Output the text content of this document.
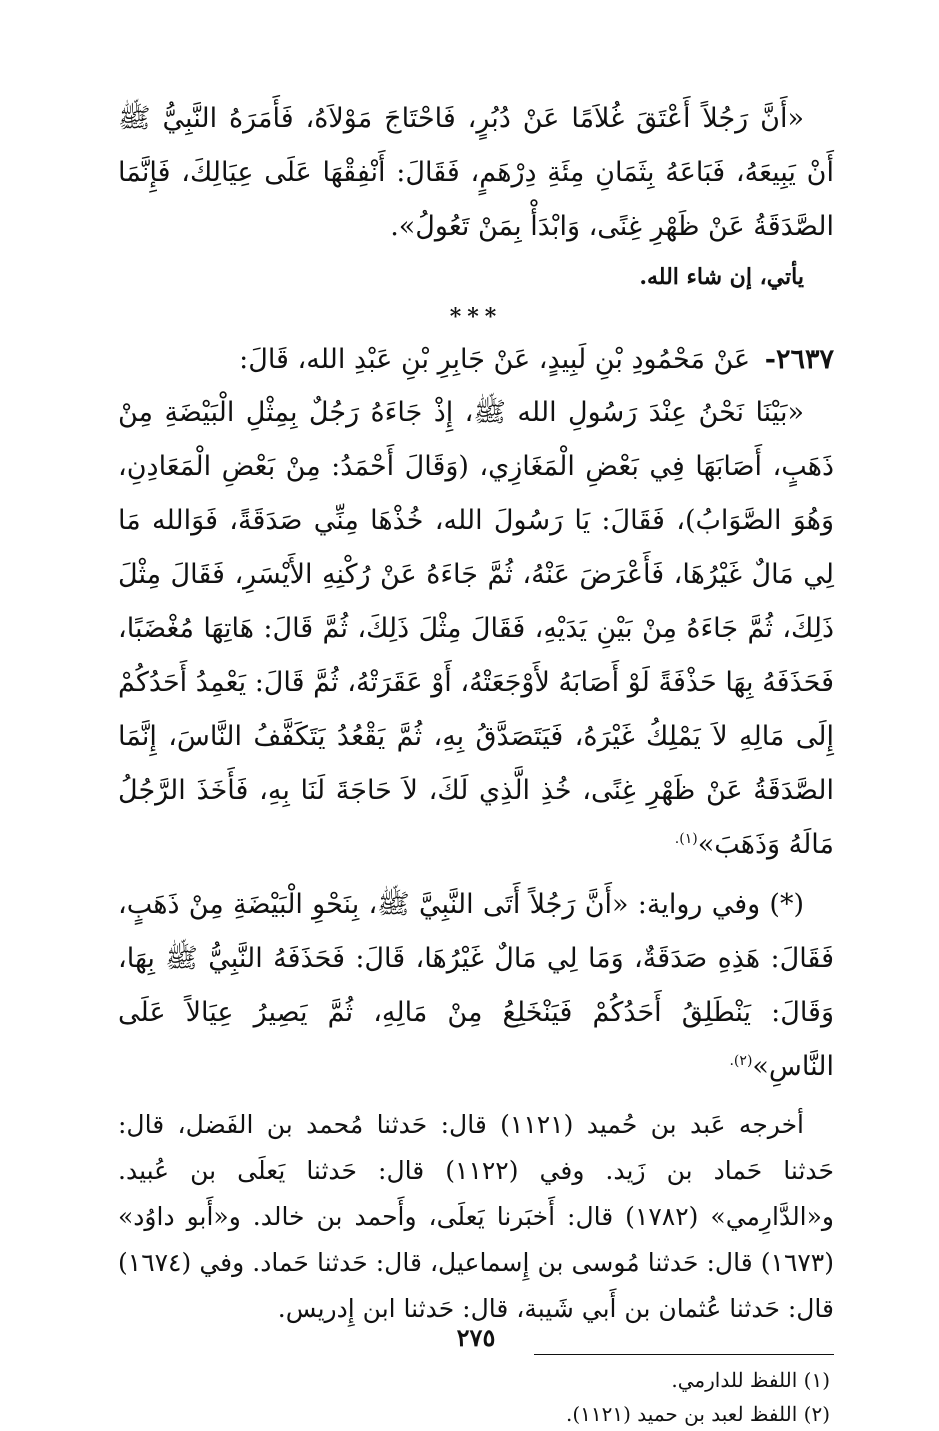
«أَنَّ رَجُلاً أَعْتَقَ غُلاَمًا عَنْ دُبُرٍ، فَاحْتَاجَ مَوْلاَهُ، فَأَمَرَهُ النَّبِيُّ ﷺ أَنْ يَبِيعَهُ، فَبَاعَهُ بِثَمَانِ مِئَةِ دِرْهَمٍ، فَقَالَ: أَنْفِقْهَا عَلَى عِيَالِكَ، فَإِنَّمَا الصَّدَقَةُ عَنْ ظَهْرِ غِنًى، وَابْدَأْ بِمَنْ تَعُولُ».

يأتي، إن شاء الله.

***

٢٦٣٧- عَنْ مَحْمُودِ بْنِ لَبِيدٍ، عَنْ جَابِرِ بْنِ عَبْدِ الله، قَالَ:

«بَيْنَا نَحْنُ عِنْدَ رَسُولِ الله ﷺ، إِذْ جَاءَهُ رَجُلٌ بِمِثْلِ الْبَيْضَةِ مِنْ ذَهَبٍ، أَصَابَهَا فِي بَعْضِ الْمَغَازِي، (وَقَالَ أَحْمَدُ: مِنْ بَعْضِ الْمَعَادِنِ، وَهُوَ الصَّوَابُ)، فَقَالَ: يَا رَسُولَ الله، خُذْهَا مِنِّي صَدَقَةً، فَوَالله مَا لِي مَالٌ غَيْرُهَا، فَأَعْرَضَ عَنْهُ، ثُمَّ جَاءَهُ عَنْ رُكْنِهِ الأَيْسَرِ، فَقَالَ مِثْلَ ذَلِكَ، ثُمَّ جَاءَهُ مِنْ بَيْنِ يَدَيْهِ، فَقَالَ مِثْلَ ذَلِكَ، ثُمَّ قَالَ: هَاتِهَا مُغْضَبًا، فَحَذَفَهُ بِهَا حَذْفَةً لَوْ أَصَابَهُ لأَوْجَعَتْهُ، أَوْ عَقَرَتْهُ، ثُمَّ قَالَ: يَعْمِدُ أَحَدُكُمْ إِلَى مَالِهِ لاَ يَمْلِكُ غَيْرَهُ، فَيَتَصَدَّقُ بِهِ، ثُمَّ يَقْعُدُ يَتَكَفَّفُ النَّاسَ، إِنَّمَا الصَّدَقَةُ عَنْ ظَهْرِ غِنًى، خُذِ الَّذِي لَكَ، لاَ حَاجَةَ لَنَا بِهِ، فَأَخَذَ الرَّجُلُ مَالَهُ وَذَهَبَ»$^{(١).}$

(*) وفي رواية: «أَنَّ رَجُلاً أَتَى النَّبِيَّ ﷺ، بِنَحْوِ الْبَيْضَةِ مِنْ ذَهَبٍ، فَقَالَ: هَذِهِ صَدَقَةٌ، وَمَا لِي مَالٌ غَيْرُهَا، قَالَ: فَحَذَفَهُ النَّبِيُّ ﷺ بِهَا، وَقَالَ: يَنْطَلِقُ أَحَدُكُمْ فَيَنْخَلِعُ مِنْ مَالِهِ، ثُمَّ يَصِيرُ عِيَالاً عَلَى النَّاسِ»$^{(٢).}$

أخرجه عَبد بن حُميد (١١٢١) قال: حَدثنا مُحمد بن الفَضل، قال: حَدثنا حَماد بن زَيد. وفي (١١٢٢) قال: حَدثنا يَعلَى بن عُبيد. و«الدَّارِمي» (١٧٨٢) قال: أَخبَرنا يَعلَى، وأَحمد بن خالد. و«أَبو داوُد» (١٦٧٣) قال: حَدثنا مُوسى بن إِسماعيل، قال: حَدثنا حَماد. وفي (١٦٧٤) قال: حَدثنا عُثمان بن أَبي شَيبة، قال: حَدثنا ابن إِدريس.

(١) اللفظ للدارمي.

(٢) اللفظ لعبد بن حميد (١١٢١).

٢٧٥
